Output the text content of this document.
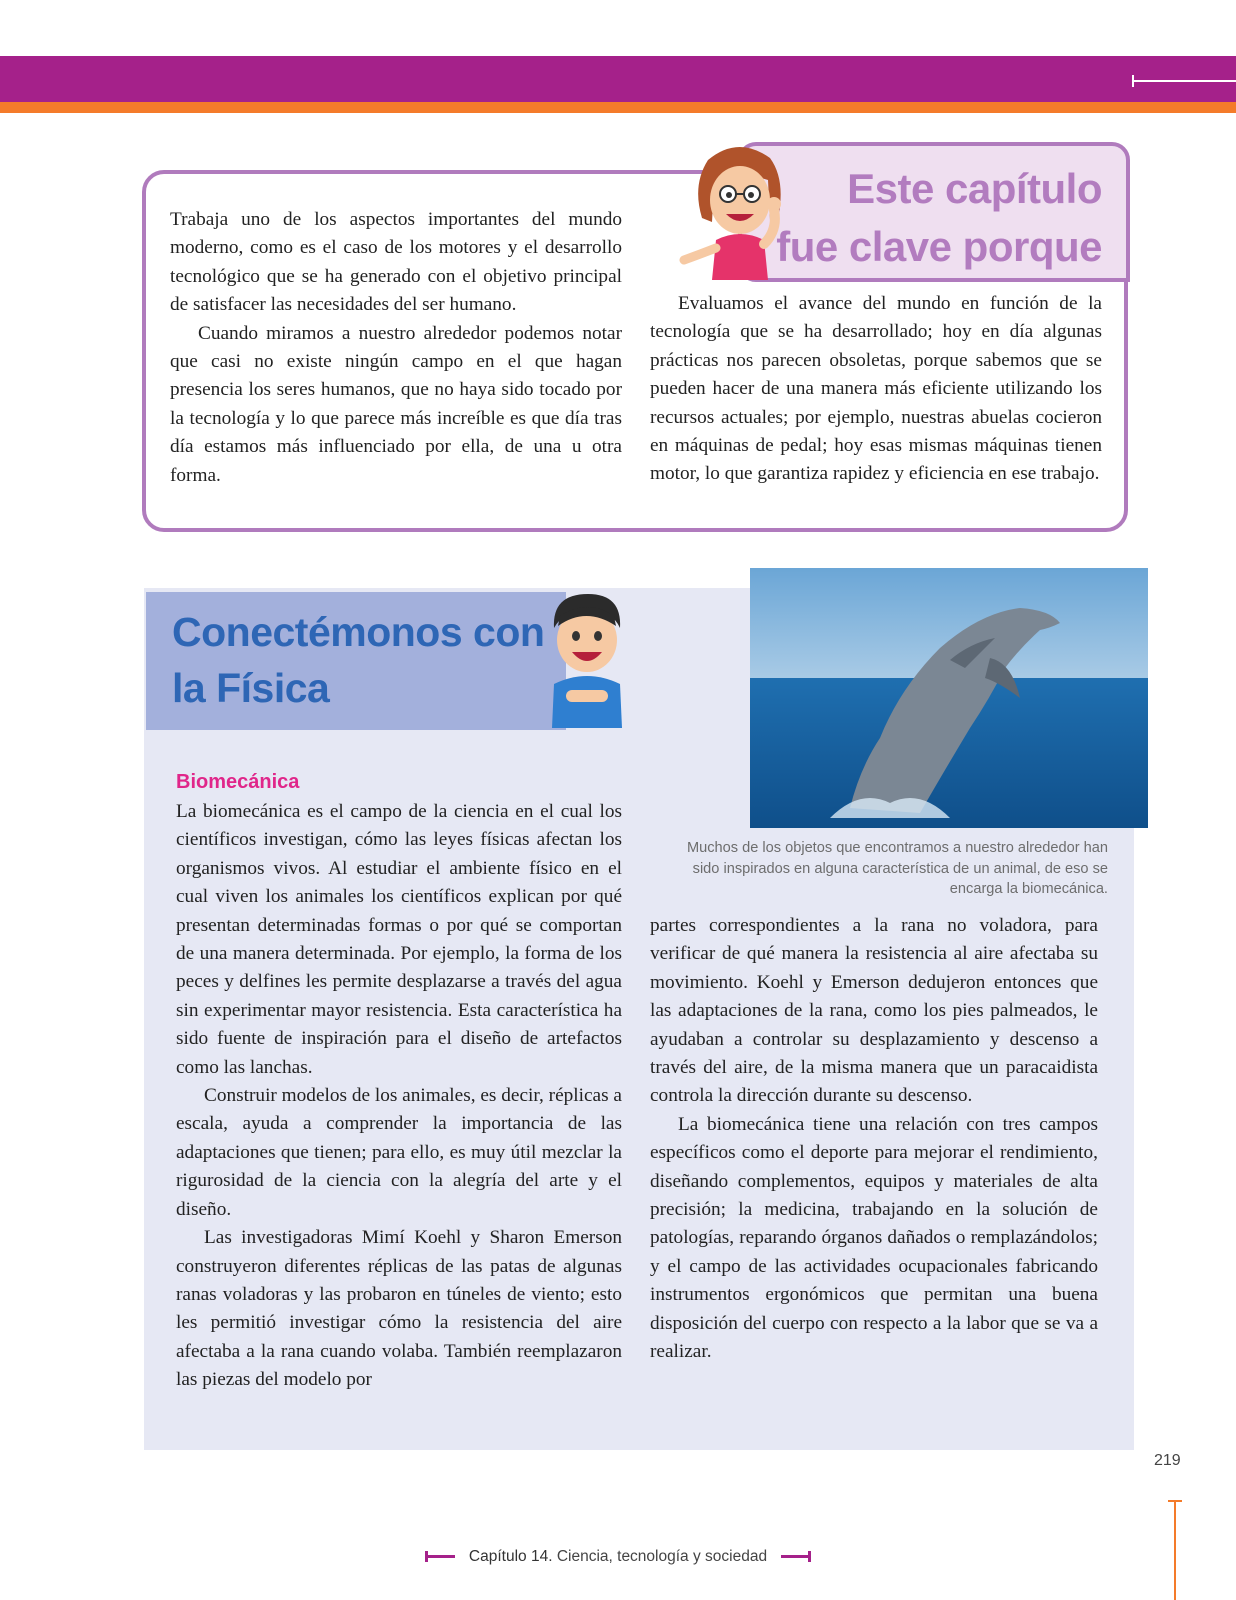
Este capítulo
fue clave porque

Trabaja uno de los aspectos importantes del mundo moderno, como es el caso de los motores y el desarrollo tecnológico que se ha generado con el objetivo principal de satisfacer las necesidades del ser humano.

Cuando miramos a nuestro alrededor podemos notar que casi no existe ningún campo en el que hagan presencia los seres humanos, que no haya sido tocado por la tecnología y lo que parece más increíble es que día tras día estamos más influenciado por ella, de una u otra forma.

Evaluamos el avance del mundo en función de la tecnología que se ha desarrollado; hoy en día algunas prácticas nos parecen obsoletas, porque sabemos que se pueden hacer de una manera más eficiente utilizando los recursos actuales; por ejemplo, nuestras abuelas cocieron en máquinas de pedal; hoy esas mismas máquinas tienen motor, lo que garantiza rapidez y eficiencia en ese trabajo.

Conectémonos con
la Física

Muchos de los objetos que encontramos a nuestro alrededor han sido inspirados en alguna característica de un animal, de eso se encarga la biomecánica.

Biomecánica

La biomecánica es el campo de la ciencia en el cual los científicos investigan, cómo las leyes físicas afectan los organismos vivos. Al estudiar el ambiente físico en el cual viven los animales los científicos explican por qué presentan determinadas formas o por qué se comportan de una manera determinada. Por ejemplo, la forma de los peces y delfines les permite desplazarse a través del agua sin experimentar mayor resistencia. Esta característica ha sido fuente de inspiración para el diseño de artefactos como las lanchas.

Construir modelos de los animales, es decir, réplicas a escala, ayuda a comprender la importancia de las adaptaciones que tienen; para ello, es muy útil mezclar la rigurosidad de la ciencia con la alegría del arte y el diseño.

Las investigadoras Mimí Koehl y Sharon Emerson construyeron diferentes réplicas de las patas de algunas ranas voladoras y las probaron en túneles de viento; esto les permitió investigar cómo la resistencia del aire afectaba a la rana cuando volaba. También reemplazaron las piezas del modelo por

partes correspondientes a la rana no voladora, para verificar de qué manera la resistencia al aire afectaba su movimiento. Koehl y Emerson dedujeron entonces que las adaptaciones de la rana, como los pies palmeados, le ayudaban a controlar su desplazamiento y descenso a través del aire, de la misma manera que un paracaidista controla la dirección durante su descenso.

La biomecánica tiene una relación con tres campos específicos como el deporte para mejorar el rendimiento, diseñando complementos, equipos y materiales de alta precisión; la medicina, trabajando en la solución de patologías, reparando órganos dañados o remplazándolos; y el campo de las actividades ocupacionales fabricando instrumentos ergonómicos que permitan una buena disposición del cuerpo con respecto a la labor que se va a realizar.

219
Capítulo 14. Ciencia, tecnología y sociedad
